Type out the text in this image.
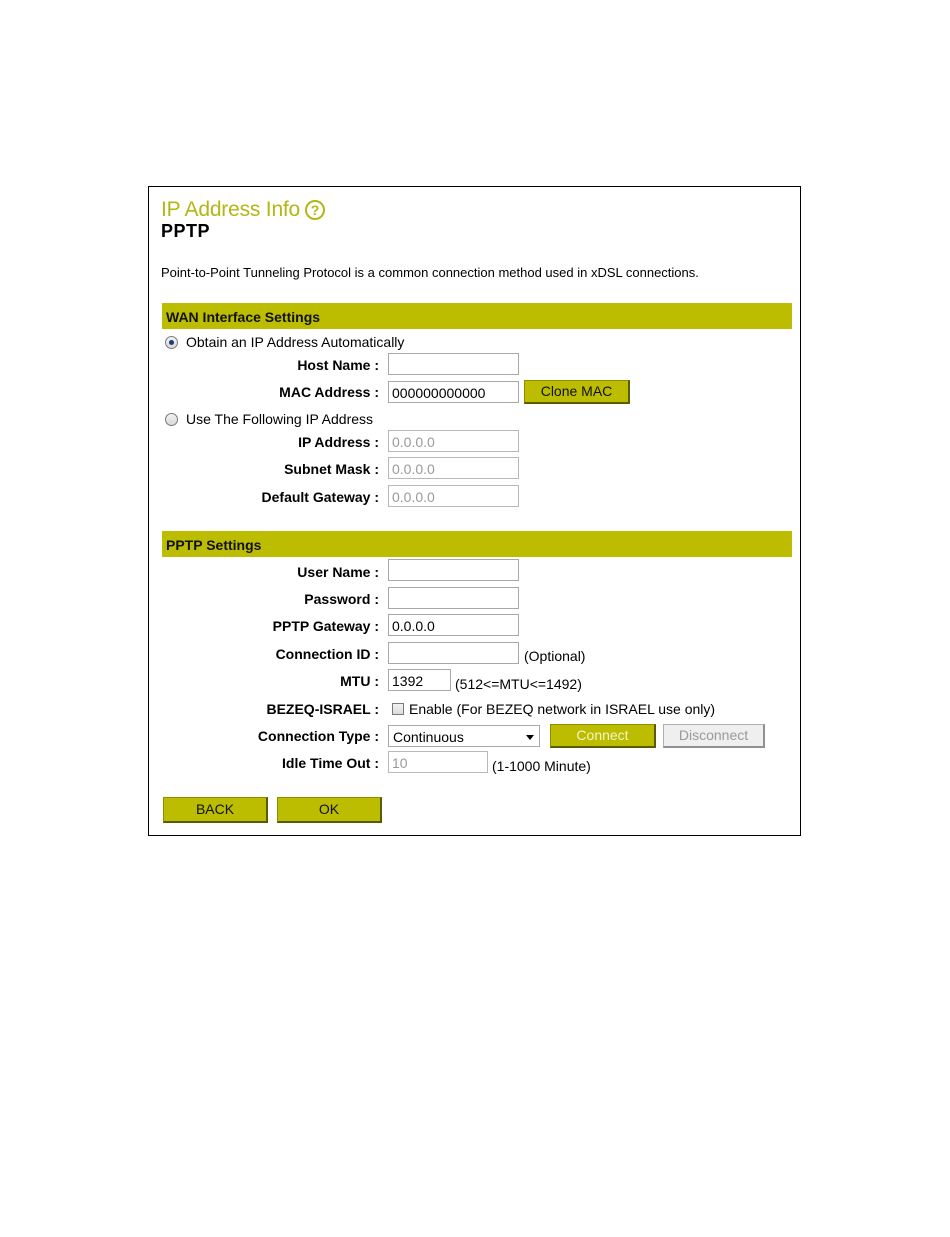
IP Address Info ?
PPTP
Point-to-Point Tunneling Protocol is a common connection method used in xDSL connections.
WAN Interface Settings
Obtain an IP Address Automatically
Host Name :
MAC Address : 000000000000	Clone MAC
Use The Following IP Address
IP Address : 0.0.0.0
Subnet Mask : 0.0.0.0
Default Gateway : 0.0.0.0
PPTP Settings
User Name :
Password :
PPTP Gateway : 0.0.0.0
Connection ID :	(Optional)
MTU : 1392	(512<=MTU<=1492)
BEZEQ-ISRAEL : Enable (For BEZEQ network in ISRAEL use only)
Connection Type :	Continuous	Connect	Disconnect
Idle Time Out : 10	(1-1000 Minute)
BACK	OK
